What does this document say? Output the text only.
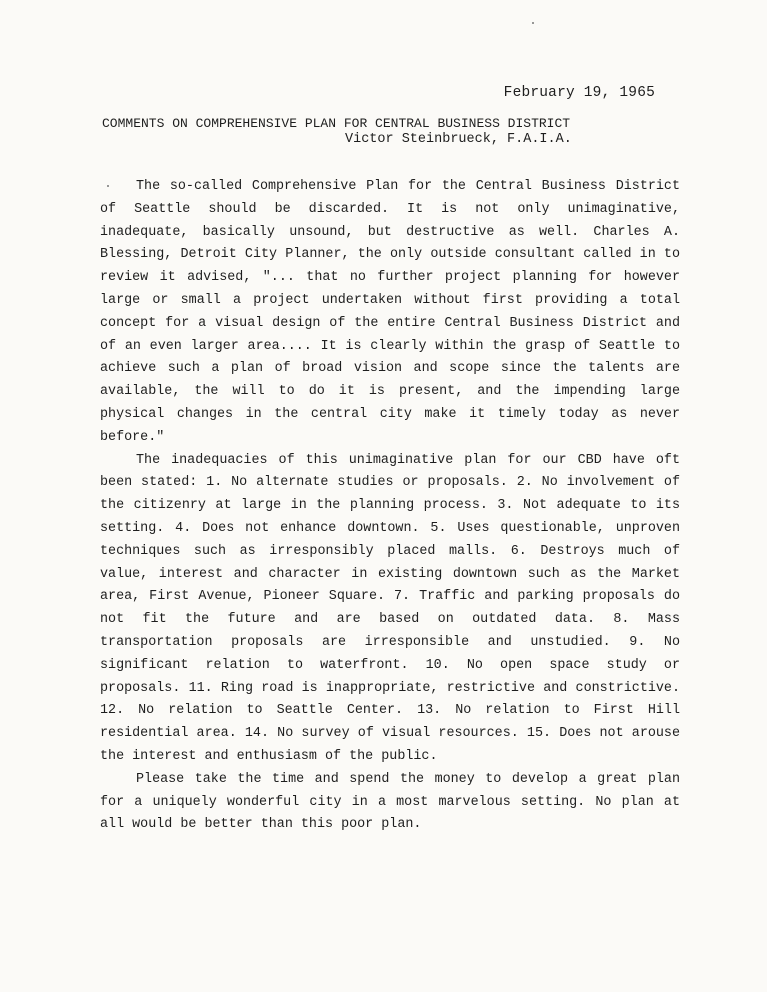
February 19, 1965
COMMENTS ON COMPREHENSIVE PLAN FOR CENTRAL BUSINESS DISTRICT
Victor Steinbrueck, F.A.I.A.

The so-called Comprehensive Plan for the Central Business District of Seattle should be discarded. It is not only unimaginative, inadequate, basically unsound, but destructive as well. Charles A. Blessing, Detroit City Planner, the only outside consultant called in to review it advised, "... that no further project planning for however large or small a project undertaken without first providing a total concept for a visual design of the entire Central Business District and of an even larger area.... It is clearly within the grasp of Seattle to achieve such a plan of broad vision and scope since the talents are available, the will to do it is present, and the impending large physical changes in the central city make it timely today as never before."

The inadequacies of this unimaginative plan for our CBD have oft been stated: 1. No alternate studies or proposals. 2. No involvement of the citizenry at large in the planning process. 3. Not adequate to its setting. 4. Does not enhance downtown. 5. Uses questionable, unproven techniques such as irresponsibly placed malls. 6. Destroys much of value, interest and character in existing downtown such as the Market area, First Avenue, Pioneer Square. 7. Traffic and parking proposals do not fit the future and are based on outdated data. 8. Mass transportation proposals are irresponsible and unstudied. 9. No significant relation to waterfront. 10. No open space study or proposals. 11. Ring road is inappropriate, restrictive and constrictive. 12. No relation to Seattle Center. 13. No relation to First Hill residential area. 14. No survey of visual resources. 15. Does not arouse the interest and enthusiasm of the public.

Please take the time and spend the money to develop a great plan for a uniquely wonderful city in a most marvelous setting. No plan at all would be better than this poor plan.
